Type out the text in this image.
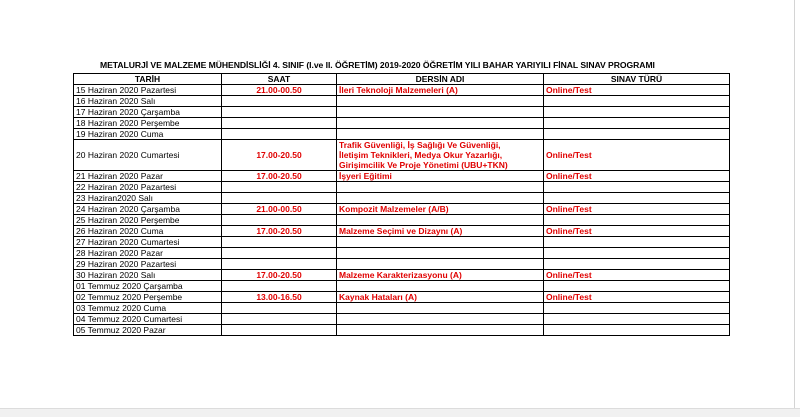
METALURJİ VE MALZEME MÜHENDİSLİĞİ 4. SINIF (I.ve II. ÖĞRETİM) 2019-2020 ÖĞRETİM YILI BAHAR YARIYILI FİNAL SINAV PROGRAMI
TARİH	SAAT	DERSİN ADI	SINAV TÜRÜ
15 Haziran 2020 Pazartesi	21.00-00.50	İleri Teknoloji Malzemeleri (A)	Online/Test
16 Haziran 2020 Salı		

17 Haziran 2020 Çarşamba		

18 Haziran 2020 Perşembe		

19 Haziran 2020 Cuma		

20 Haziran 2020 Cumartesi	17.00-20.50	Trafik Güvenliği, İş Sağlığı Ve Güvenliği,
İletişim Teknikleri, Medya Okur Yazarlığı,
Girişimcilik Ve Proje Yönetimi (UBU+TKN)	Online/Test
21 Haziran 2020 Pazar	17.00-20.50	İşyeri Eğitimi	Online/Test
22 Haziran 2020 Pazartesi		

23 Haziran2020 Salı		

24 Haziran 2020 Çarşamba	21.00-00.50	Kompozit Malzemeler (A/B)	Online/Test
25 Haziran 2020 Perşembe		

26 Haziran 2020 Cuma	17.00-20.50	Malzeme Seçimi ve Dizaynı (A)	Online/Test
27 Haziran 2020 Cumartesi		

28 Haziran 2020 Pazar		

29 Haziran 2020 Pazartesi		

30 Haziran 2020 Salı	17.00-20.50	Malzeme Karakterizasyonu (A)	Online/Test
01 Temmuz 2020 Çarşamba		

02 Temmuz 2020 Perşembe	13.00-16.50	Kaynak Hataları (A)	Online/Test
03 Temmuz 2020 Cuma		

04 Temmuz 2020 Cumartesi		

05 Temmuz 2020 Pazar		
